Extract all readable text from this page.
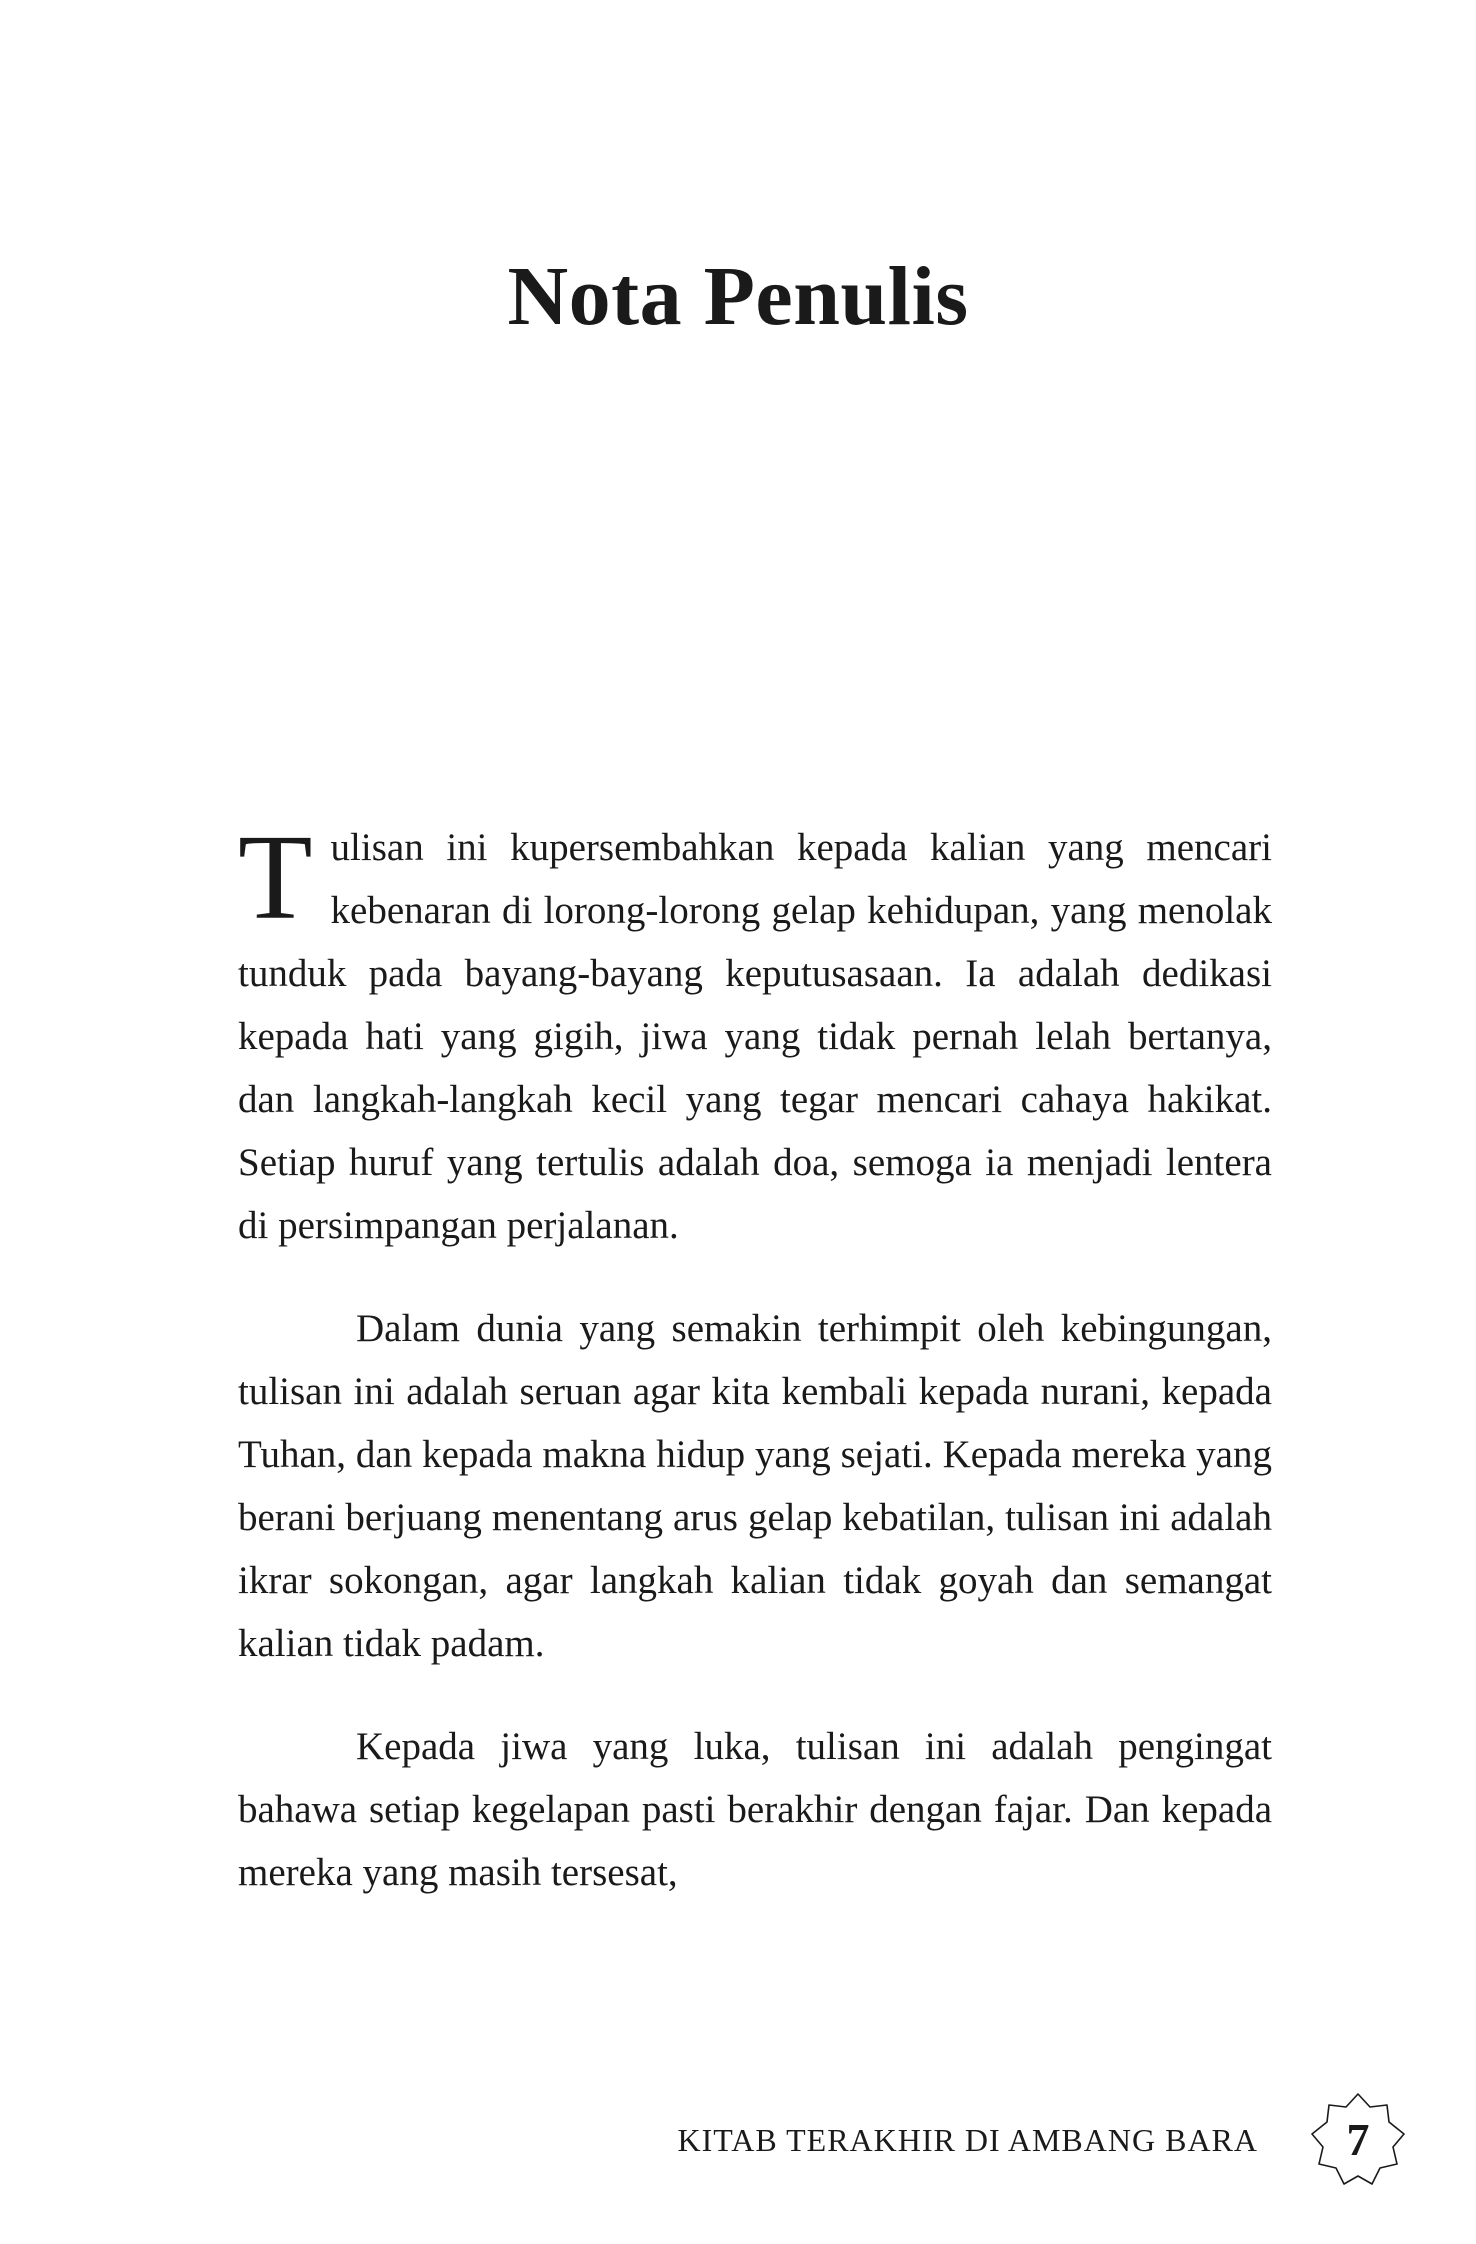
Nota Penulis

Tulisan ini kupersembahkan kepada kalian yang mencari kebenaran di lorong-lorong gelap kehidupan, yang menolak tunduk pada bayang-bayang keputusasaan. Ia adalah dedikasi kepada hati yang gigih, jiwa yang tidak pernah lelah bertanya, dan langkah-langkah kecil yang tegar mencari cahaya hakikat. Setiap huruf yang tertulis adalah doa, semoga ia menjadi lentera di persimpangan perjalanan.

Dalam dunia yang semakin terhimpit oleh kebingungan, tulisan ini adalah seruan agar kita kembali kepada nurani, kepada Tuhan, dan kepada makna hidup yang sejati. Kepada mereka yang berani berjuang menentang arus gelap kebatilan, tulisan ini adalah ikrar sokongan, agar langkah kalian tidak goyah dan semangat kalian tidak padam.

Kepada jiwa yang luka, tulisan ini adalah pengingat bahawa setiap kegelapan pasti berakhir dengan fajar. Dan kepada mereka yang masih tersesat,

KITAB TERAKHIR DI AMBANG BARA	7
